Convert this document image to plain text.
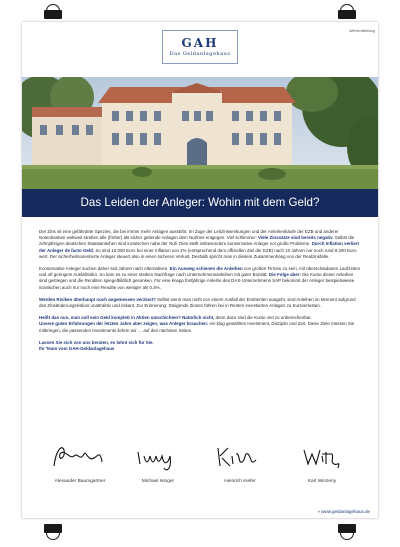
Werbemitteilung
GAH
Das Geldanlagehaus
Das Leiden der Anleger: Wohin mit dem Geld?

Der Zins ist eine gefährdete Spezies, die bei immer mehr Anlagen ausstirbt. Im Zuge der Leitzinssenkungen und der Anleihenkäufe der EZB und anderer Notenbanken weltweit streben alle (früher) als sicher geltende Anlagen dem Nullzins entgegen. Viel schlimmer: Viele Zinssätze sind bereits negativ. Selbst die zehnjährigen deutschen Staatsanleihen sind inzwischen nahe der Null. Dies stellt insbesondere konservative Anleger vor große Probleme. Durch Inflation verliert der Anleger de facto Geld. So sind 10.000 Euro bei einer Inflation von 2% (entsprechend dem offiziellen Ziel der EZB) nach 10 Jahren nur noch rund 8.200 Euro wert. Der sicherheitsorientierte Anleger steuert also in einen sicheren Verlust. Deshalb spricht man in diesem Zusammenhang von der Realzinsfalle.

Konservative Anleger suchen daher seit Jahren nach Alternativen. Ein Ausweg schienen die Anleihen von großen Firmen zu sein, mit überschaubaren Laufzeiten und oft geringem Ausfallrisiko. So kam es zu einer starken Nachfrage nach Unternehmensanleihen mit guter Bonität. Die Folge aber: Die Kurse dieser Anleihen sind gestiegen und die Renditen spiegelbildlich gesunken. Für eine knapp fünfjährige Anleihe des DAX-Unternehmens SAP bekommt der Anleger beispielsweise inzwischen auch nur noch eine Rendite von weniger als 0,4%.

Werden Risiken überhaupt noch angemessen verzinst? Selbst wenn man nicht von einem Ausfall der Emittenten ausgeht, sind Anleihen im Moment aufgrund des Zinsänderungsrisikos unattraktiv und riskant. Zur Erinnerung: Steigende Zinsen führen bei in Renten investierten Anlagen zu Kursverlusten.

Heißt das nun, man soll sein Geld komplett in Aktien umschichten? Natürlich nicht, denn dazu sind die Kurse viel zu unberechenbar.
Unsere guten Erfahrungen der letzten Jahre aber zeigen, was Anleger brauchen: ein klug gewähltes Investment, Disziplin und Zeit. Diese Ziele müssen Sie mitbringen, die passenden Investments liefern wir … auf den nächsten Seiten.

Lassen Sie sich von uns beraten, es lohnt sich für Sie.
Ihr Team vom GAH-Geldanlagehaus

Alexander Baumgartner	Michael Isinger	Heinrich Kiefer	Karl Winzeny
» www.geldanlagehaus.de
